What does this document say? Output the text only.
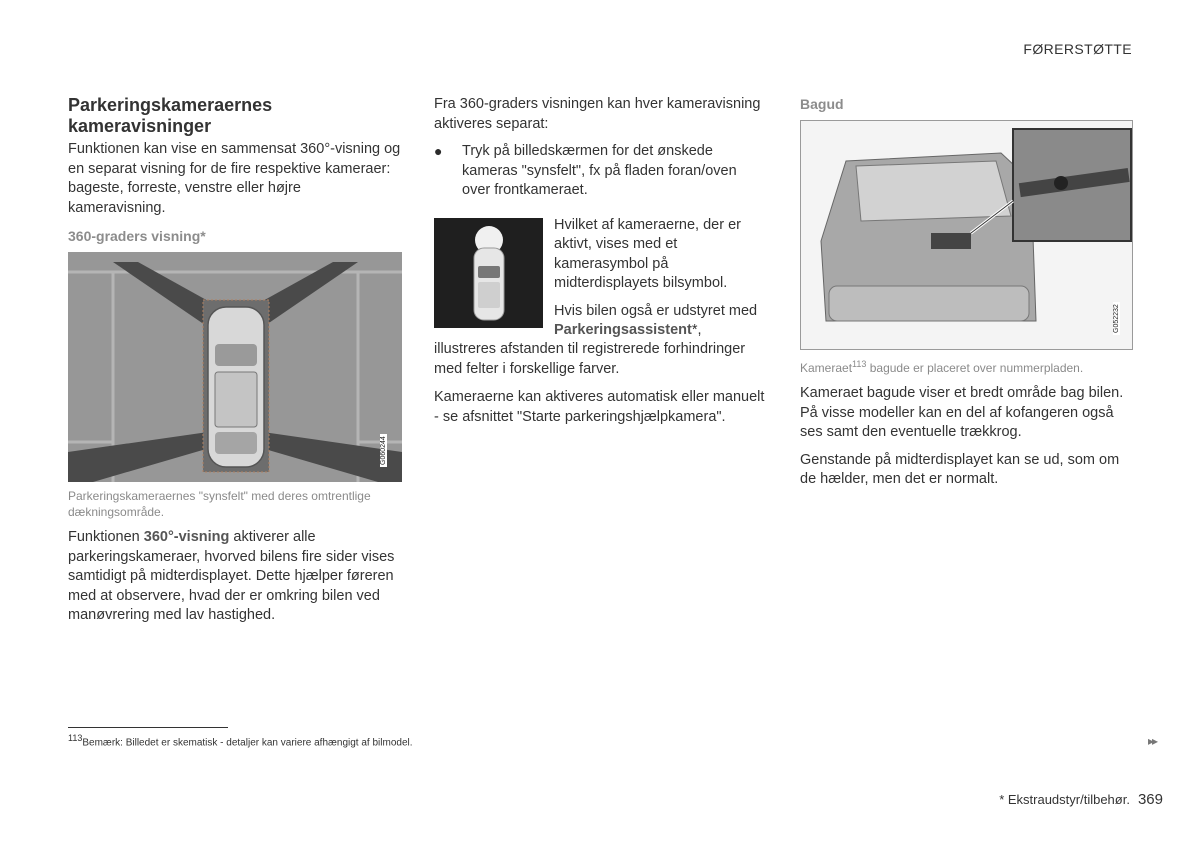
FØRERSTØTTE
Parkeringskameraernes kameravisninger

Funktionen kan vise en sammensat 360°-visning og en separat visning for de fire respektive kameraer: bageste, forreste, venstre eller højre kameravisning.

360-graders visning*
G060244

Parkeringskameraernes "synsfelt" med deres omtrentlige dækningsområde.

Funktionen 360°-visning aktiverer alle parkeringskameraer, hvorved bilens fire sider vises samtidigt på midterdisplayet. Dette hjælper føreren med at observere, hvad der er omkring bilen ved manøvrering med lav hastighed.

Fra 360-graders visningen kan hver kameravisning aktiveres separat:

●	Tryk på billedskærmen for det ønskede kameras "synsfelt", fx på fladen foran/oven over frontkameraet.

Hvilket af kameraerne, der er aktivt, vises med et kamerasymbol på midterdisplayets bilsymbol.

Hvis bilen også er udstyret med

Parkeringsassistent*, illustreres afstanden til registrerede forhindringer med felter i forskellige farver.

Kameraerne kan aktiveres automatisk eller manuelt - se afsnittet "Starte parkeringshjælpkamera".

Bagud
G052232

Kameraet$^{113}$ bagude er placeret over nummerpladen.

Kameraet bagude viser et bredt område bag bilen. På visse modeller kan en del af kofangeren også ses samt den eventuelle trækkrog.

Genstande på midterdisplayet kan se ud, som om de hælder, men det er normalt.

$^{113}$Bemærk: Billedet er skematisk - detaljer kan variere afhængigt af bilmodel.	▸▸
* Ekstraudstyr/tilbehør. 369
